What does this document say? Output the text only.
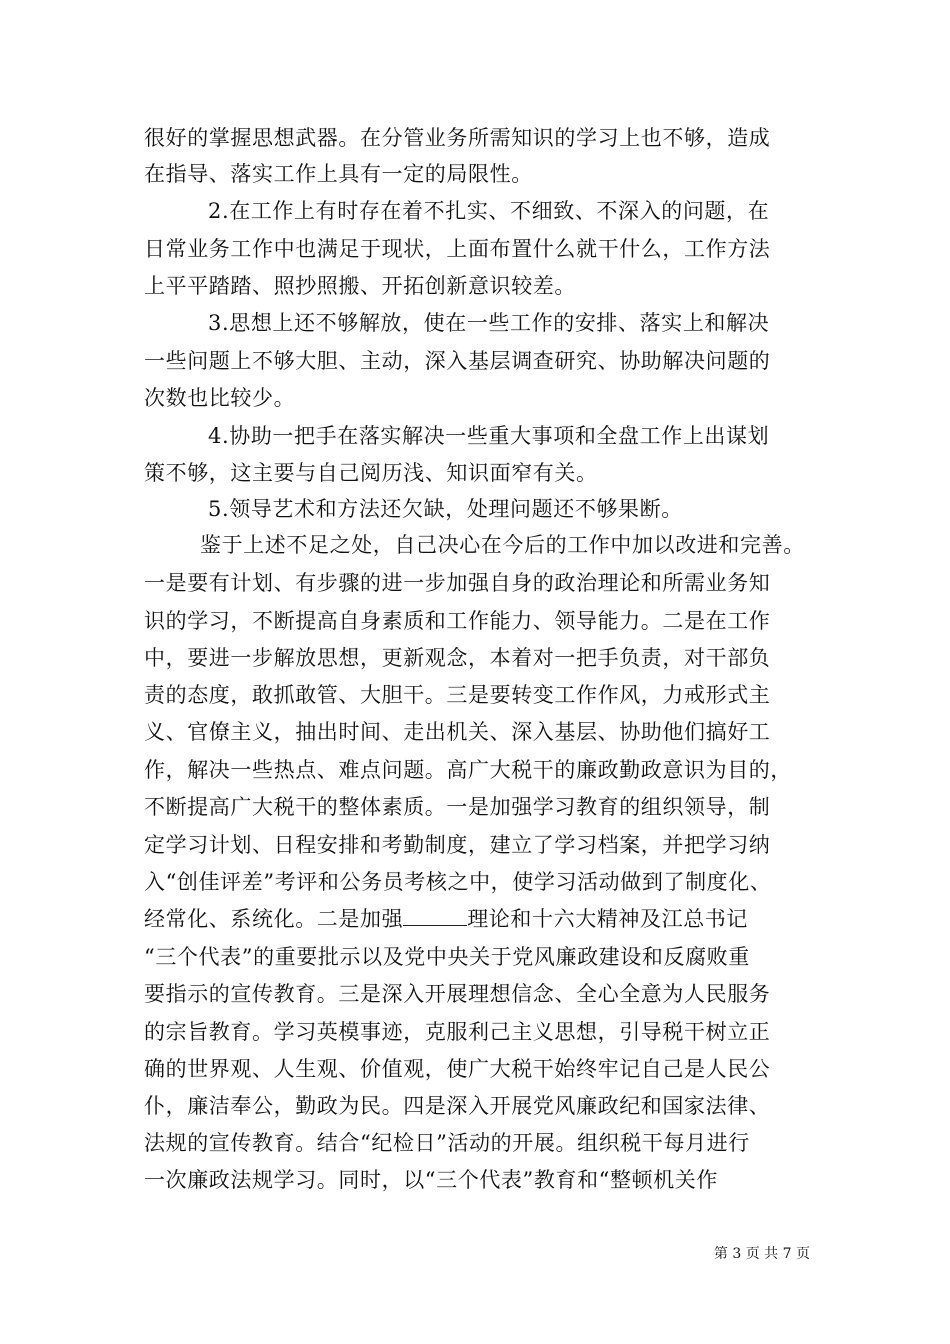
很好的掌握思想武器。在分管业务所需知识的学习上也不够，造成
在指导、落实工作上具有一定的局限性。
2.在工作上有时存在着不扎实、不细致、不深入的问题，在
日常业务工作中也满足于现状，上面布置什么就干什么，工作方法
上平平踏踏、照抄照搬、开拓创新意识较差。
3.思想上还不够解放，使在一些工作的安排、落实上和解决
一些问题上不够大胆、主动，深入基层调查研究、协助解决问题的
次数也比较少。
4.协助一把手在落实解决一些重大事项和全盘工作上出谋划
策不够，这主要与自己阅历浅、知识面窄有关。
5.领导艺术和方法还欠缺，处理问题还不够果断。
鉴于上述不足之处，自己决心在今后的工作中加以改进和完善。
一是要有计划、有步骤的进一步加强自身的政治理论和所需业务知
识的学习，不断提高自身素质和工作能力、领导能力。二是在工作
中，要进一步解放思想，更新观念，本着对一把手负责，对干部负
责的态度，敢抓敢管、大胆干。三是要转变工作作风，力戒形式主
义、官僚主义，抽出时间、走出机关、深入基层、协助他们搞好工
作，解决一些热点、难点问题。高广大税干的廉政勤政意识为目的，
不断提高广大税干的整体素质。一是加强学习教育的组织领导，制
定学习计划、日程安排和考勤制度，建立了学习档案，并把学习纳
入“创佳评差”考评和公务员考核之中，使学习活动做到了制度化、
经常化、系统化。二是加强	理论和十六大精神及江总书记
“三个代表”的重要批示以及党中央关于党风廉政建设和反腐败重
要指示的宣传教育。三是深入开展理想信念、全心全意为人民服务
的宗旨教育。学习英模事迹，克服利己主义思想，引导税干树立正
确的世界观、人生观、价值观，使广大税干始终牢记自己是人民公
仆，廉洁奉公，勤政为民。四是深入开展党风廉政纪和国家法律、
法规的宣传教育。结合“纪检日”活动的开展。组织税干每月进行
一次廉政法规学习。同时，以“三个代表”教育和“整顿机关作
第 3 页 共 7 页
